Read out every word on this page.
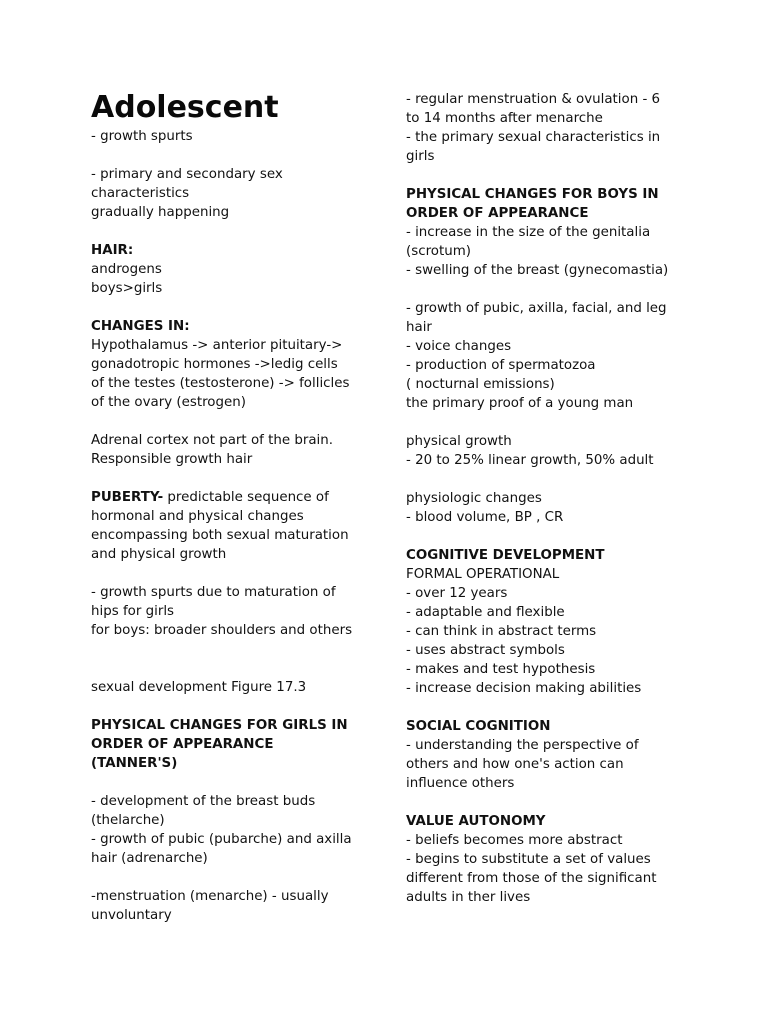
Adolescent
- growth spurts
- primary and secondary sex
characteristics
gradually happening
HAIR:
androgens
boys>girls
CHANGES IN:
Hypothalamus -> anterior pituitary->
gonadotropic hormones ->ledig cells
of the testes (testosterone) -> follicles
of the ovary (estrogen)
Adrenal cortex not part of the brain.
Responsible growth hair
PUBERTY- predictable sequence of
hormonal and physical changes
encompassing both sexual maturation
and physical growth
- growth spurts due to maturation of
hips for girls
for boys: broader shoulders and others
sexual development Figure 17.3
PHYSICAL CHANGES FOR GIRLS IN
ORDER OF APPEARANCE
(TANNER'S)
- development of the breast buds
(thelarche)
- growth of pubic (pubarche) and axilla
hair (adrenarche)
-menstruation (menarche) - usually
unvoluntary
- regular menstruation & ovulation - 6
to 14 months after menarche
- the primary sexual characteristics in
girls
PHYSICAL CHANGES FOR BOYS IN
ORDER OF APPEARANCE
- increase in the size of the genitalia
(scrotum)
- swelling of the breast (gynecomastia)
- growth of pubic, axilla, facial, and leg
hair
- voice changes
- production of spermatozoa
( nocturnal emissions)
the primary proof of a young man
physical growth
- 20 to 25% linear growth, 50% adult
physiologic changes
- blood volume, BP , CR
COGNITIVE DEVELOPMENT
FORMAL OPERATIONAL
- over 12 years
- adaptable and flexible
- can think in abstract terms
- uses abstract symbols
- makes and test hypothesis
- increase decision making abilities
SOCIAL COGNITION
- understanding the perspective of
others and how one's action can
influence others
VALUE AUTONOMY
- beliefs becomes more abstract
- begins to substitute a set of values
different from those of the significant
adults in ther lives
